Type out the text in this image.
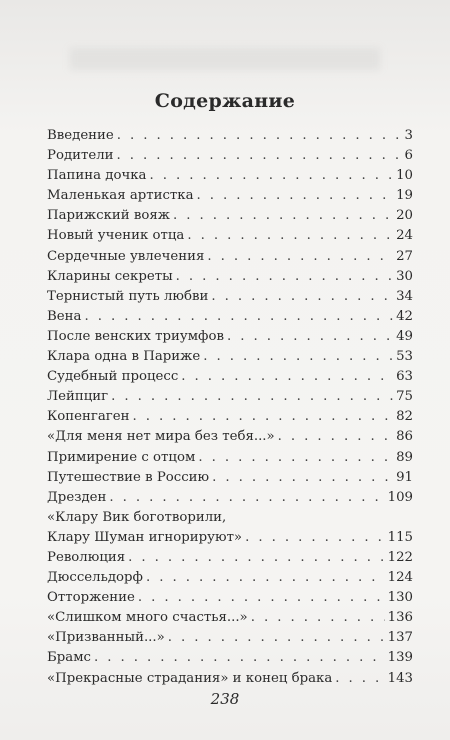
Содержание
Введение . . .	3
Родители . . .	6
Папина дочка . . .	10
Маленькая артистка . . .	19
Парижский вояж . . .	20
Новый ученик отца . . .	24
Сердечные увлечения . . .	27
Кларины секреты . . .	30
Тернистый путь любви . . .	34
Вена . . .	42
После венских триумфов . . .	49
Клара одна в Париже . . .	53
Судебный процесс . . .	63
Лейпциг . . .	75
Копенгаген . . .	82
«Для меня нет мира без тебя...» . . .	86
Примирение с отцом . . .	89
Путешествие в Россию . . .	91
Дрезден . . .	109
«Клару Вик боготворили,
Клару Шуман игнорируют» . . .	115
Революция . . .	122
Дюссельдорф . . .	124
Отторжение . . .	130
«Слишком много счастья...» . . .	136
«Призванный...» . . .	137
Брамс . . .	139
«Прекрасные страдания» и конец брака . . .	143
238
